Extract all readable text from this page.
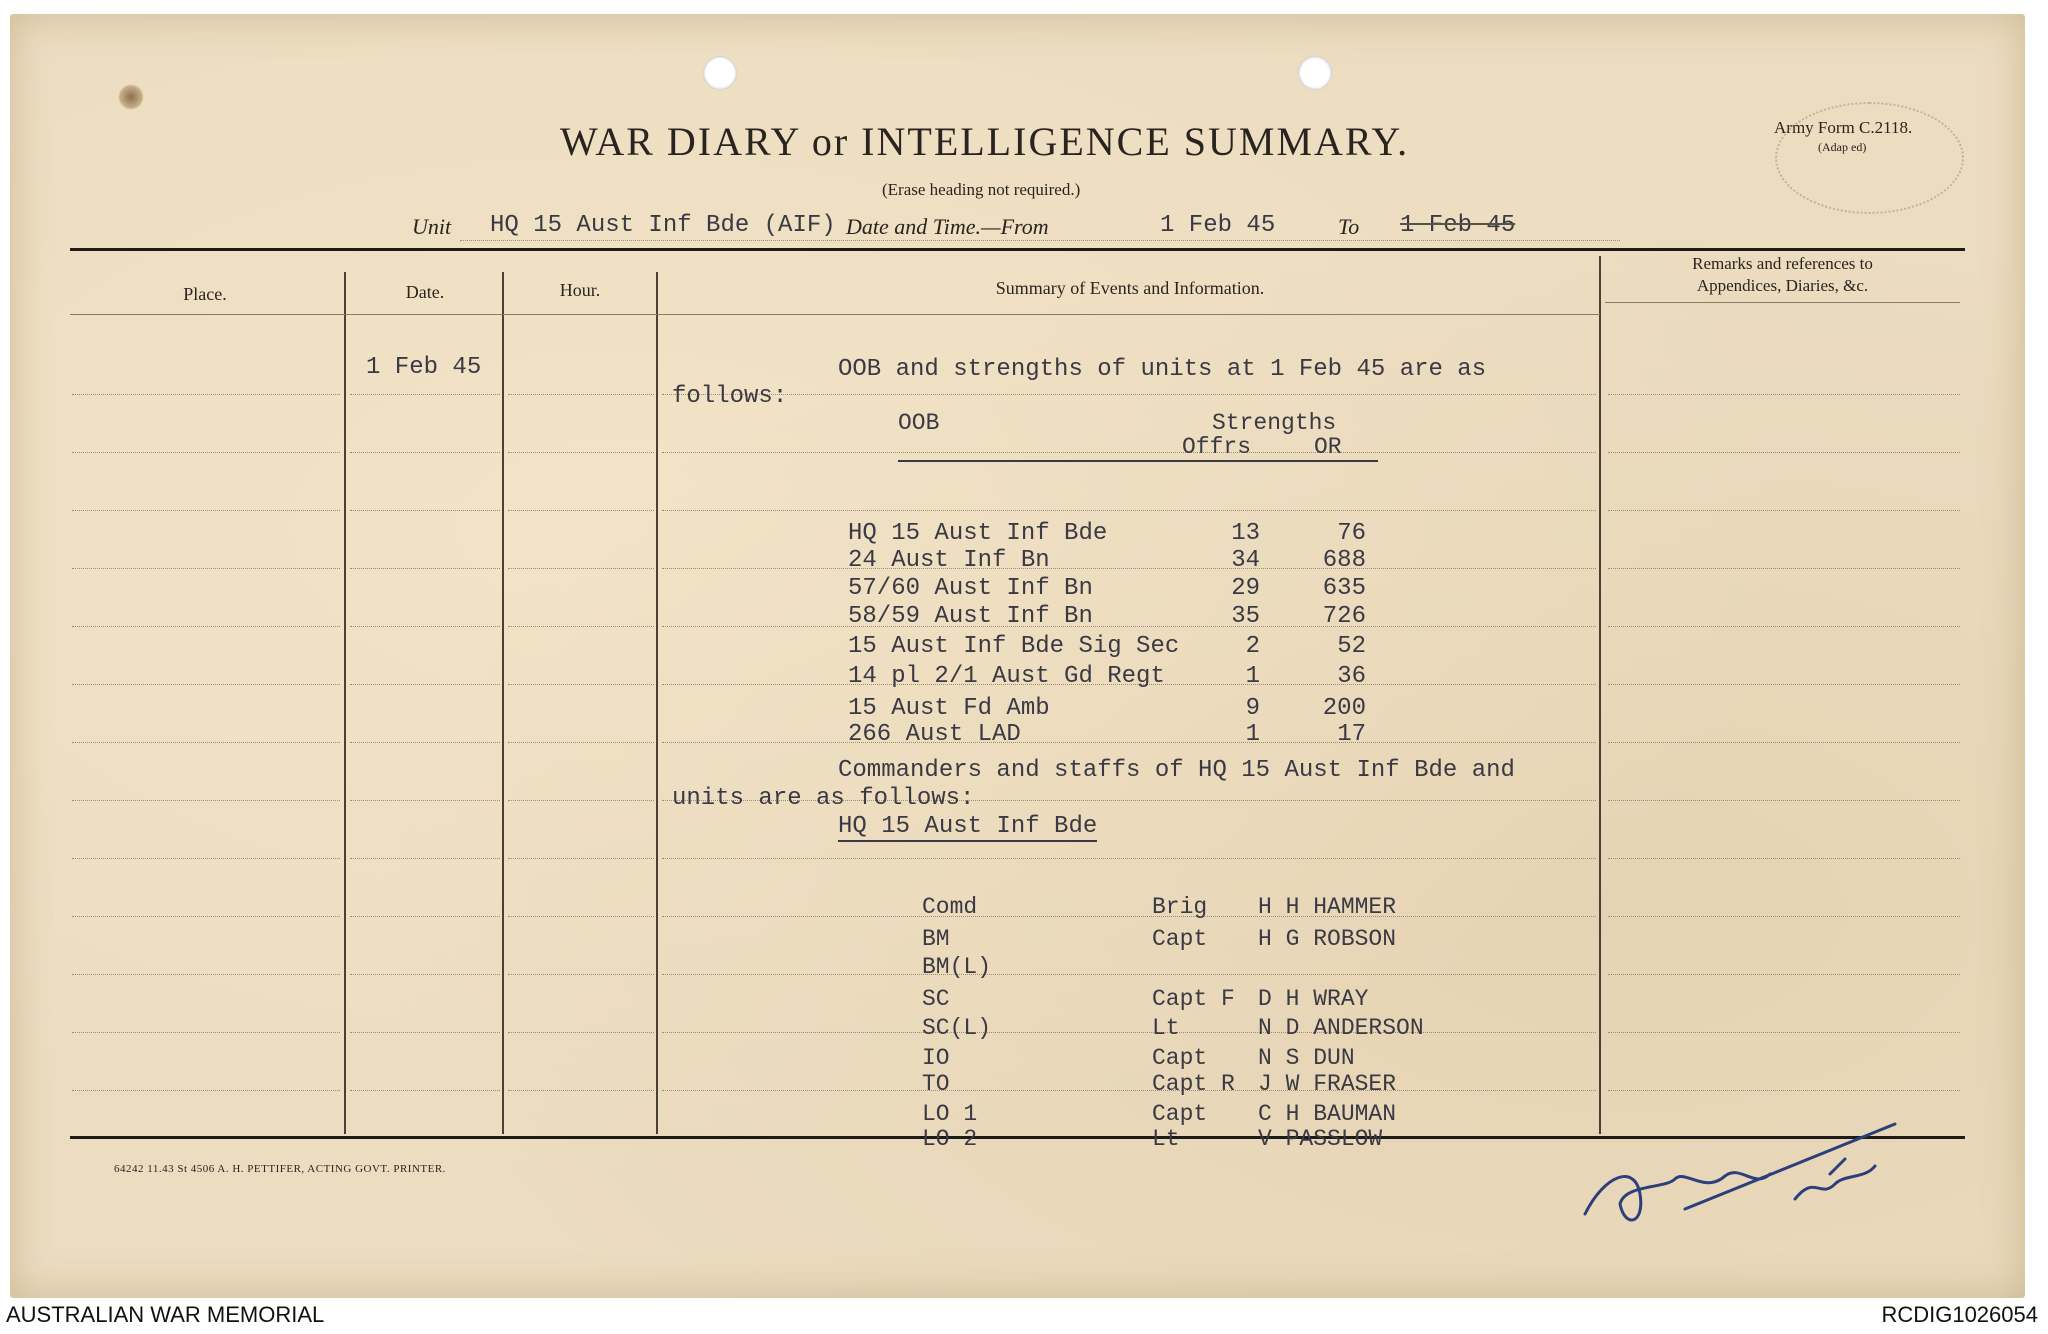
WAR DIARY or INTELLIGENCE SUMMARY.
(Erase heading not required.)
Army Form C.2118.
(Adap ed)
Unit HQ 15 Aust Inf Bde (AIF) Date and Time.—From	1 Feb 45	To 1 Feb 45
Place.	Date.	Hour.	Summary of Events and Information.
Remarks and references to
Appendices, Diaries, &c.
1 Feb 45	OOB and strengths of units at 1 Feb 45 are as
follows:
OOB	Strengths
Offrs	OR
HQ 15 Aust Inf Bde	13	76
24 Aust Inf Bn	34	688
57/60 Aust Inf Bn	29	635
58/59 Aust Inf Bn	35	726
15 Aust Inf Bde Sig Sec	2	52
14 pl 2/1 Aust Gd Regt	1	36
15 Aust Fd Amb	9	200
266 Aust LAD	1	17
Commanders and staffs of HQ 15 Aust Inf Bde and
units are as follows:
HQ 15 Aust Inf Bde
Comd	Brig H H HAMMER
BM	Capt H G ROBSON
BM(L)
SC	Capt F D H WRAY
SC(L)	Lt	N D ANDERSON
IO	Capt N S DUN
TO	Capt R J W FRASER
LO 1	Capt C H BAUMAN
LO 2	Lt	V PASSLOW
64242 11.43 St 4506 A. H. PETTIFER, ACTING GOVT. PRINTER.
AUSTRALIAN WAR MEMORIAL	RCDIG1026054
